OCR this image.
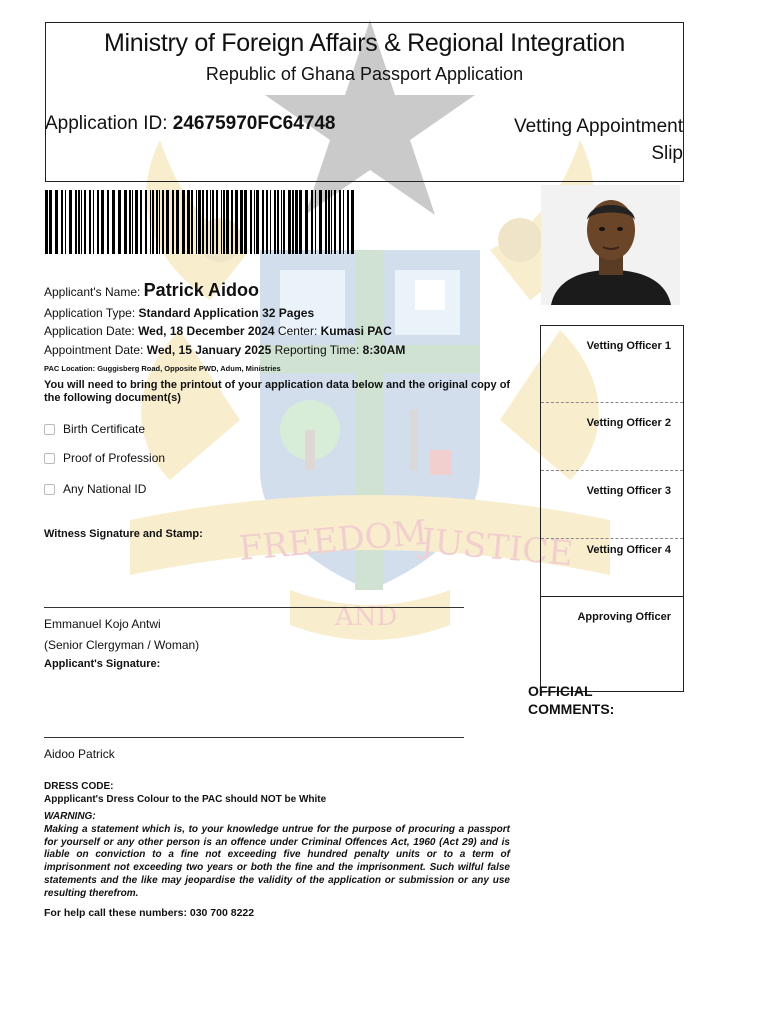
FREEDOM
JUSTICE
AND
Ministry of Foreign Affairs & Regional Integration
Republic of Ghana Passport Application
Application ID: 24675970FC64748	Vetting Appointment Slip
Applicant's Name: Patrick Aidoo
Application Type: Standard Application 32 Pages
Application Date: Wed, 18 December 2024 Center: Kumasi PAC
Appointment Date: Wed, 15 January 2025 Reporting Time: 8:30AM
PAC Location: Guggisberg Road, Opposite PWD, Adum, Ministries
You will need to bring the printout of your application data below and the original copy of the following document(s)
Birth Certificate
Proof of Profession
Any National ID
Witness Signature and Stamp:
Emmanuel Kojo Antwi
(Senior Clergyman / Woman)
Applicant's Signature:
Aidoo Patrick
DRESS CODE:
Appplicant's Dress Colour to the PAC should NOT be White
WARNING:
Making a statement which is, to your knowledge untrue for the purpose of procuring a passport for yourself or any other person is an offence under Criminal Offences Act, 1960 (Act 29) and is liable on conviction to a fine not exceeding five hundred penalty units or to a term of imprisonment not exceeding two years or both the fine and the imprisonment. Such wilful false statements and the like may jeopardise the validity of the application or submission or any use resulting therefrom.
For help call these numbers: 030 700 8222
Vetting Officer 1
Vetting Officer 2
Vetting Officer 3
Vetting Officer 4
Approving Officer
OFFICIAL COMMENTS:
